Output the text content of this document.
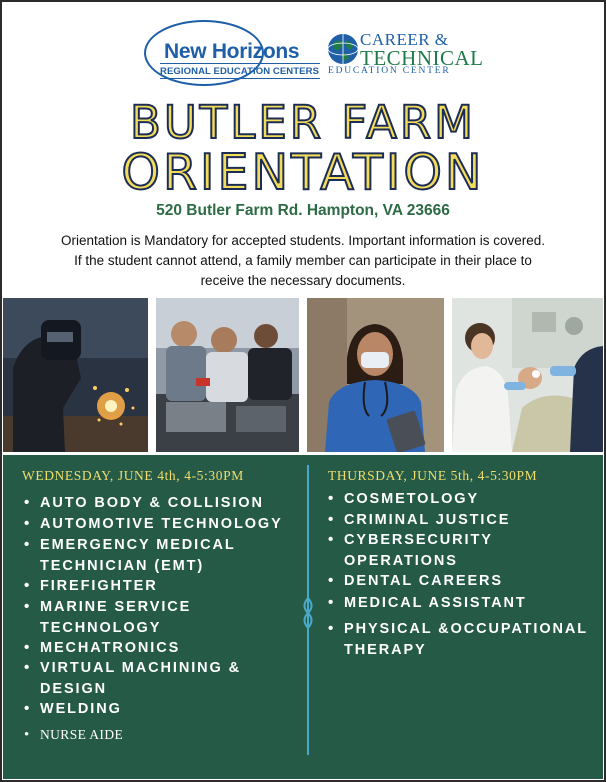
New Horizons
REGIONAL EDUCATION CENTERS
CAREER &
TECHNICAL
EDUCATION CENTER
BUTLER FARM
ORIENTATION
520 Butler Farm Rd. Hampton, VA 23666
Orientation is Mandatory for accepted students. Important information is covered. If the student cannot attend, a family member can participate in their place to receive the necessary documents.
WEDNESDAY, JUNE 4th, 4-5:30PM	THURSDAY, JUNE 5th, 4-5:30PM
• AUTO BODY & COLLISION
• AUTOMOTIVE TECHNOLOGY
• EMERGENCY MEDICAL
TECHNICIAN (EMT)
• FIREFIGHTER
• MARINE SERVICE
TECHNOLOGY
• MECHATRONICS
• VIRTUAL MACHINING &
DESIGN
• WELDING
• NURSE AIDE
• COSMETOLOGY
• CRIMINAL JUSTICE
• CYBERSECURITY
OPERATIONS
• DENTAL CAREERS
• MEDICAL ASSISTANT
• PHYSICAL &OCCUPATIONAL
THERAPY
